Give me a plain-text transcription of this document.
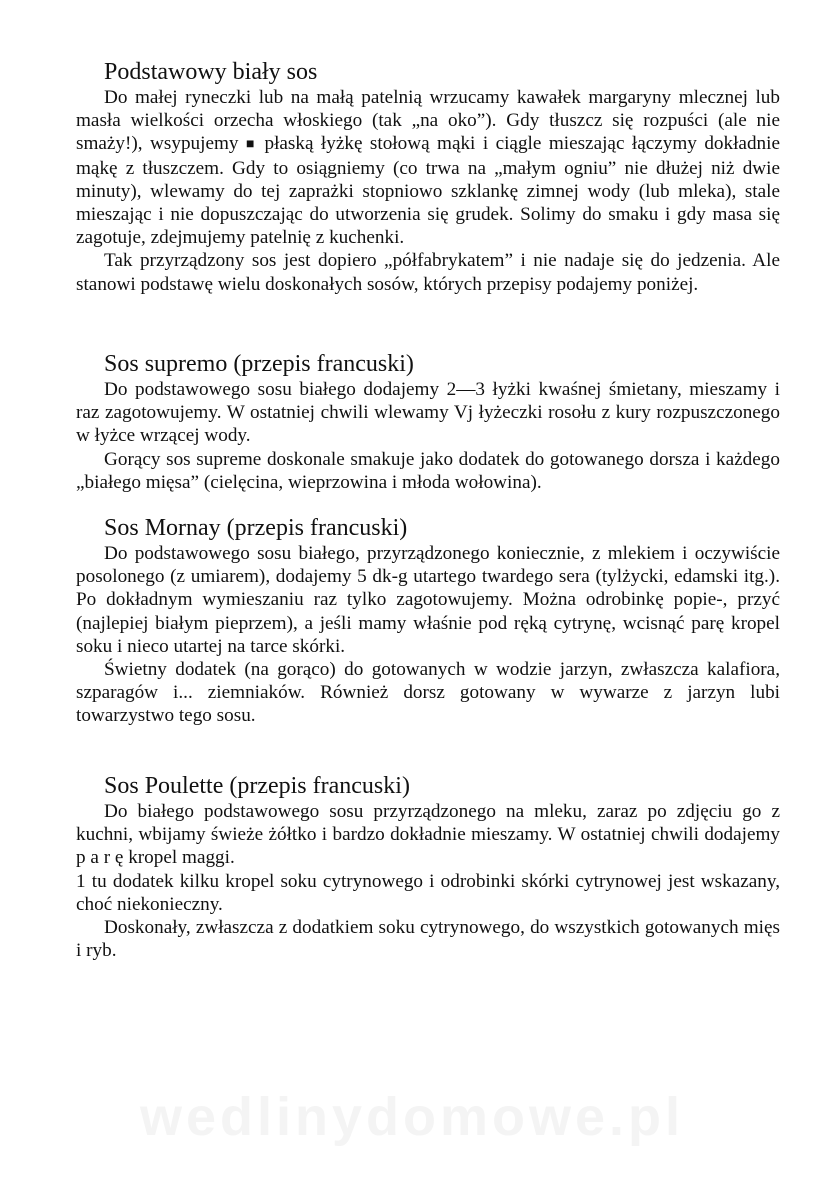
Podstawowy biały sos

Do małej ryneczki lub na małą patelnią wrzucamy kawałek margaryny mlecznej lub masła wielkości orzecha włoskiego (tak „na oko”). Gdy tłuszcz się rozpuści (ale nie smaży!), wsypujemy ■ płaską łyżkę stołową mąki i ciągle mieszając łączymy dokładnie mąkę z tłuszczem. Gdy to osiągniemy (co trwa na „małym ogniu” nie dłużej niż dwie minuty), wlewamy do tej zaprażki stopniowo szklankę zimnej wody (lub mleka), stale mieszając i nie dopuszczając do utworzenia się grudek. Solimy do smaku i gdy masa się zagotuje, zdejmujemy patelnię z kuchenki.

Tak przyrządzony sos jest dopiero „półfabrykatem” i nie nadaje się do jedzenia. Ale stanowi podstawę wielu doskonałych sosów, których przepisy podajemy poniżej.

Sos supremo (przepis francuski)

Do podstawowego sosu białego dodajemy 2—3 łyżki kwaśnej śmietany, mieszamy i raz zagotowujemy. W ostatniej chwili wlewamy Vj łyżeczki rosołu z kury rozpuszczonego w łyżce wrzącej wody.

Gorący sos supreme doskonale smakuje jako dodatek do gotowanego dorsza i każdego „białego mięsa” (cielęcina, wieprzowina i młoda wołowina).

Sos Mornay (przepis francuski)

Do podstawowego sosu białego, przyrządzonego koniecznie, z mlekiem i oczywiście posolonego (z umiarem), dodajemy 5 dk-g utartego twardego sera (tylżycki, edamski itg.). Po dokładnym wymieszaniu raz tylko zagotowujemy. Można odrobinkę popie-, przyć (najlepiej białym pieprzem), a jeśli mamy właśnie pod ręką cytrynę, wcisnąć parę kropel soku i nieco utartej na tarce skórki.

Świetny dodatek (na gorąco) do gotowanych w wodzie jarzyn, zwłaszcza kalafiora, szparagów i... ziemniaków. Również dorsz gotowany w wywarze z jarzyn lubi towarzystwo tego sosu.

Sos Poulette (przepis francuski)

Do białego podstawowego sosu przyrządzonego na mleku, zaraz po zdjęciu go z kuchni, wbijamy świeże żółtko i bardzo dokładnie mieszamy. W ostatniej chwili dodajemy p a r ę kropel maggi.

1 tu dodatek kilku kropel soku cytrynowego i odrobinki skórki cytrynowej jest wskazany, choć niekonieczny.

Doskonały, zwłaszcza z dodatkiem soku cytrynowego, do wszystkich gotowanych mięs i ryb.

wedlinydomowe.pl
